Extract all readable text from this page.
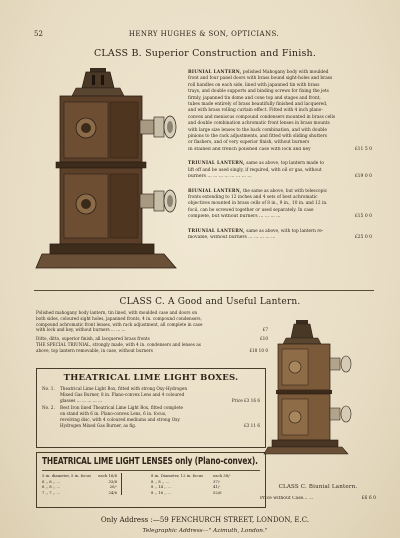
52	HENRY HUGHES & SON, OPTICIANS.
CLASS B. Superior Construction and Finish.
BIUNIAL LANTERN, polished Mahogany body with moulded
front and four panel doors with brass bound sight-holes and brass
roll handles on each side, lined with japanned tin with brass
trays, and double supports and binding screws for fixing the jets
firmly, japanned tin dome and cone top and stages and front,
tubes made entirely of brass beautifully finished and lacquered,
and with brass rolling curtain effect. Fitted with 4 inch plano-
convex and meniscus compound condensers mounted in brass cells
and double combination achromatic front lenses in brass mounts
with large size lenses to the back combination, and with double
pinions to the rack adjustments, and fitted with sliding shutters
or flashers, and of very superior finish, without burners
In stained and french polished case with lock and key	£11 5 0
TRIUNIAL LANTERN, same as above, top lantern made to
lift off and be used singly, if required, with oil or gas, without
burners ... ... ... ... ... ... ... ...	£19 0 0
BIUNIAL LANTERN, the same as above, but with telescopic
fronts extending to 12 inches and 4 sets of best achromatic
objectives mounted in brass cells of 8 in., 9 in., 10 in. and 12 in.
focii, can be screwed together or used separately. In case
complete, but without burners ... ... ... ...	£15 0 0
TRIUNIAL LANTERN, same as above, with top lantern re-
movable, without burners ... ... ... ... ...	£25 0 0
CLASS C. A Good and Useful Lantern.
Polished mahogany body lantern, tin lined, with moulded case and doors on
both sides, coloured sight holes, japanned fronts, 4 in. compound condensers,
compound achromatic front lenses, with rack adjustment, all complete in case
with lock and key, without burners ... ... ...	£7
Ditto, ditto, superior finish, all lacquered brass fronts	£10
THE SPECIAL TRIUNIAL, strongly made, with 4 in. condensers and lenses as
above, top lantern removable, in case, without burners	£18 10 0
THEATRICAL LIME LIGHT BOXES.
No. 1.	Theatrical Lime Light Box, fitted with strong Oxy-Hydrogen
Mixed Gas Burner, 8 in. Plano-convex Lens and 4 coloured
glasses ... ... ... ... ...	Price £3 16 6
No. 2.	Best Iron lined Theatrical Lime Light Box, fitted complete
on stand with 6 in. Plano-convex Lens, 6 in. focus,
revolving disc, with 4 coloured mediums and strong Oxy
Hydrogen Mixed Gas Burner, as fig.	£3 11 6
THEATRICAL LIME LIGHT LENSES only (Plano-convex).
5 in. diameter, 5 in. focus	each 16/6
6 ,, 6 ,, ...	33/6
6 ,, 8 ,, ...	20/-
7 ,, 7 ,, ...	24/6
8 in. Diameter, 12 in. focus	each 38/-
8 ,, 8 ,, ...	37/-
8 ,, 14 ,, ...	41/-
8 ,, 16 ,, ...	52/6
CLASS C. Biunial Lantern.
Price without Case... ...	£6 6 0
Only Address :—59 FENCHURCH STREET, LONDON, E.C.
Telegraphic Address—" Azimuth, London."
